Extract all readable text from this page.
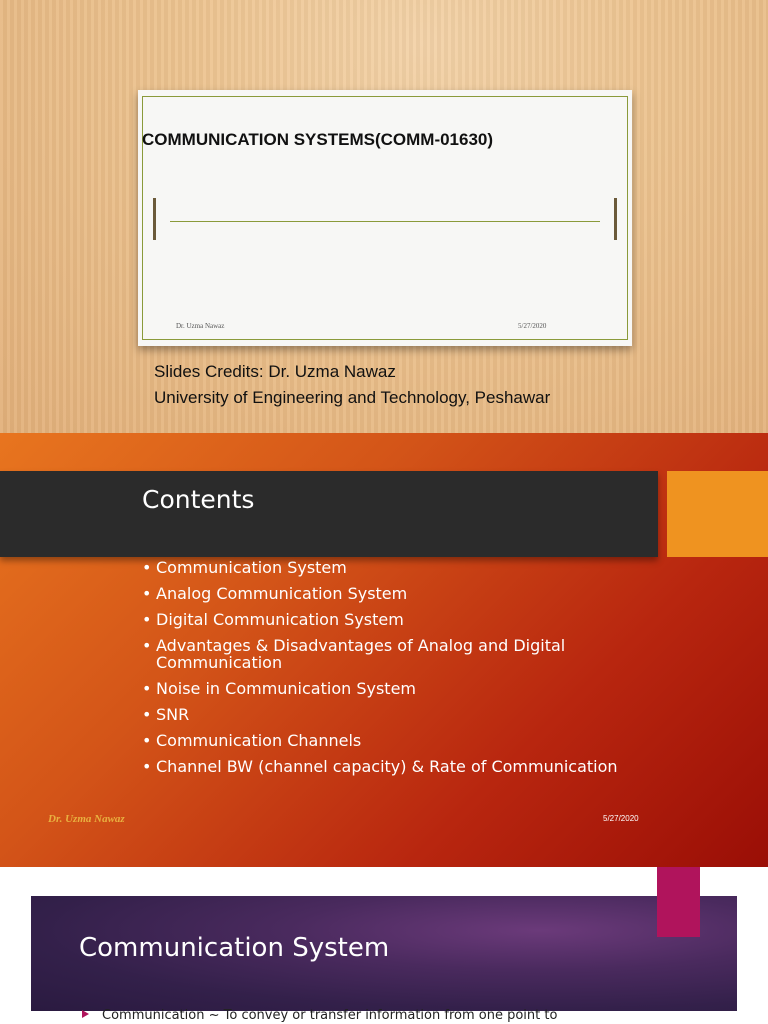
COMMUNICATION SYSTEMS(COMM-01630)
Dr. Uzma Nawaz	5/27/2020
Slides Credits: Dr. Uzma Nawaz
University of Engineering and Technology, Peshawar
Contents
• Communication System
• Analog Communication System
• Digital Communication System
• Advantages & Disadvantages of Analog and Digital Communication
• Noise in Communication System
• SNR
• Communication Channels
• Channel BW (channel capacity) & Rate of Communication
Dr. Uzma Nawaz	5/27/2020
Communication System
Communication ~ To convey or transfer information from one point to
